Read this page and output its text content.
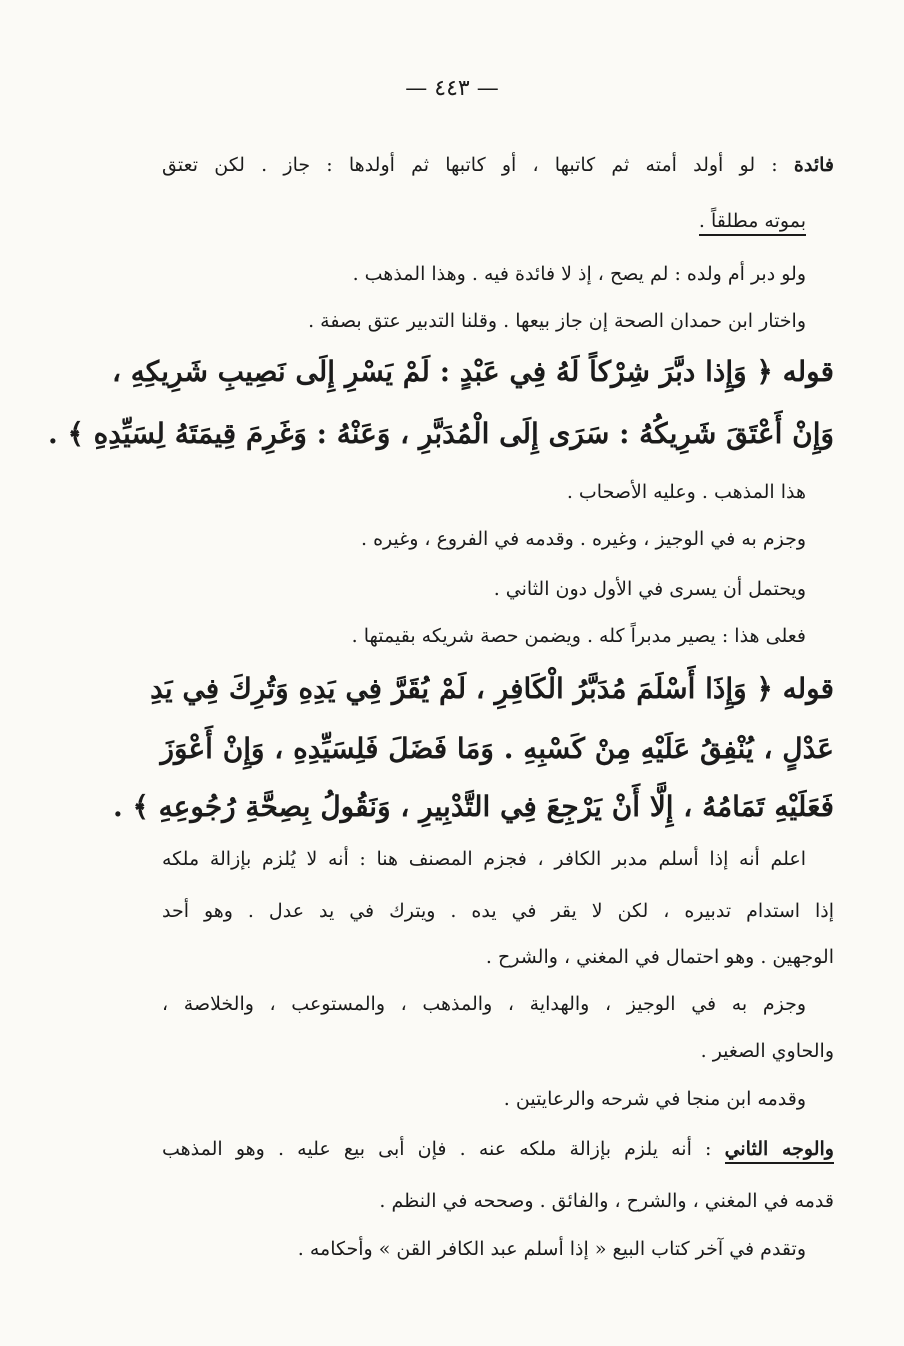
— ٤٤٣ —
فائدة : لو أولد أمته ثم كاتبها ، أو كاتبها ثم أولدها : جاز . لكن تعتق
بموته مطلقاً .
ولو دبر أم ولده : لم يصح ، إذ لا فائدة فيه . وهذا المذهب .
واختار ابن حمدان الصحة إن جاز بيعها . وقلنا التدبير عتق بصفة .
قوله ﴿ وَإِذا دبَّرَ شِرْكاً لَهُ فِي عَبْدٍ : لَمْ يَسْرِ إِلَى نَصِيبِ شَرِيكِهِ ،
وَإِنْ أَعْتَقَ شَرِيكُهُ : سَرَى إِلَى الْمُدَبَّرِ ، وَعَنْهُ : وَغَرِمَ قِيمَتَهُ لِسَيِّدِهِ ﴾ .
هذا المذهب . وعليه الأصحاب .
وجزم به في الوجيز ، وغيره . وقدمه في الفروع ، وغيره .
ويحتمل أن يسرى في الأول دون الثاني .
فعلى هذا : يصير مدبراً كله . ويضمن حصة شريكه بقيمتها .
قوله ﴿ وَإِذَا أَسْلَمَ مُدَبَّرُ الْكَافِرِ ، لَمْ يُقَرَّ فِي يَدِهِ وَتُرِكَ فِي يَدِ
عَدْلٍ ، يُنْفِقُ عَلَيْهِ مِنْ كَسْبِهِ . وَمَا فَضَلَ فَلِسَيِّدِهِ ، وَإِنْ أَعْوَزَ
فَعَلَيْهِ تَمَامُهُ ، إِلَّا أَنْ يَرْجِعَ فِي التَّدْبِيرِ ، وَنَقُولُ بِصِحَّةِ رُجُوعِهِ ﴾ .
اعلم أنه إذا أسلم مدبر الكافر ، فجزم المصنف هنا : أنه لا يُلزم بإزالة ملكه
إذا استدام تدبيره ، لكن لا يقر في يده . ويترك في يد عدل . وهو أحد
الوجهين . وهو احتمال في المغني ، والشرح .
وجزم به في الوجيز ، والهداية ، والمذهب ، والمستوعب ، والخلاصة ،
والحاوي الصغير .
وقدمه ابن منجا في شرحه والرعايتين .
والوجه الثاني : أنه يلزم بإزالة ملكه عنه . فإن أبى بيع عليه . وهو المذهب
قدمه في المغني ، والشرح ، والفائق . وصححه في النظم .
وتقدم في آخر كتاب البيع « إذا أسلم عبد الكافر القن » وأحكامه .
